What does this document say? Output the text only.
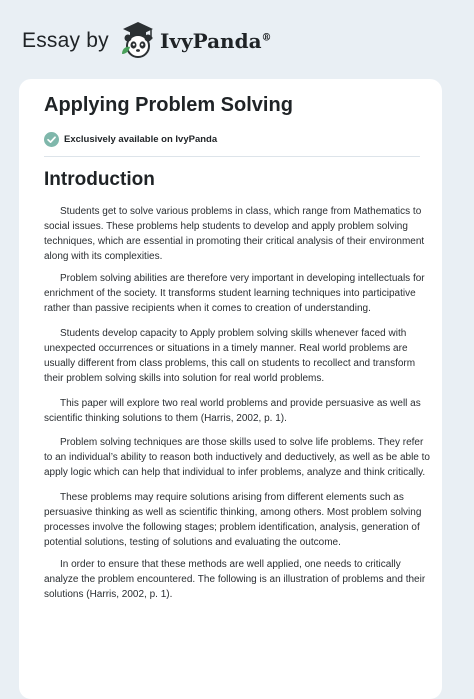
Essay by	IvyPanda®
Applying Problem Solving
Exclusively available on IvyPanda
Introduction

Students get to solve various problems in class, which range from Mathematics to
social issues. These problems help students to develop and apply problem solving
techniques, which are essential in promoting their critical analysis of their environment
along with its complexities.

Problem solving abilities are therefore very important in developing intellectuals for
enrichment of the society. It transforms student learning techniques into participative
rather than passive recipients when it comes to creation of understanding.

Students develop capacity to Apply problem solving skills whenever faced with
unexpected occurrences or situations in a timely manner. Real world problems are
usually different from class problems, this call on students to recollect and transform
their problem solving skills into solution for real world problems.

This paper will explore two real world problems and provide persuasive as well as
scientific thinking solutions to them (Harris, 2002, p. 1).

Problem solving techniques are those skills used to solve life problems. They refer
to an individual’s ability to reason both inductively and deductively, as well as be able to
apply logic which can help that individual to infer problems, analyze and think critically.

These problems may require solutions arising from different elements such as
persuasive thinking as well as scientific thinking, among others. Most problem solving
processes involve the following stages; problem identification, analysis, generation of
potential solutions, testing of solutions and evaluating the outcome.

In order to ensure that these methods are well applied, one needs to critically
analyze the problem encountered. The following is an illustration of problems and their
solutions (Harris, 2002, p. 1).
